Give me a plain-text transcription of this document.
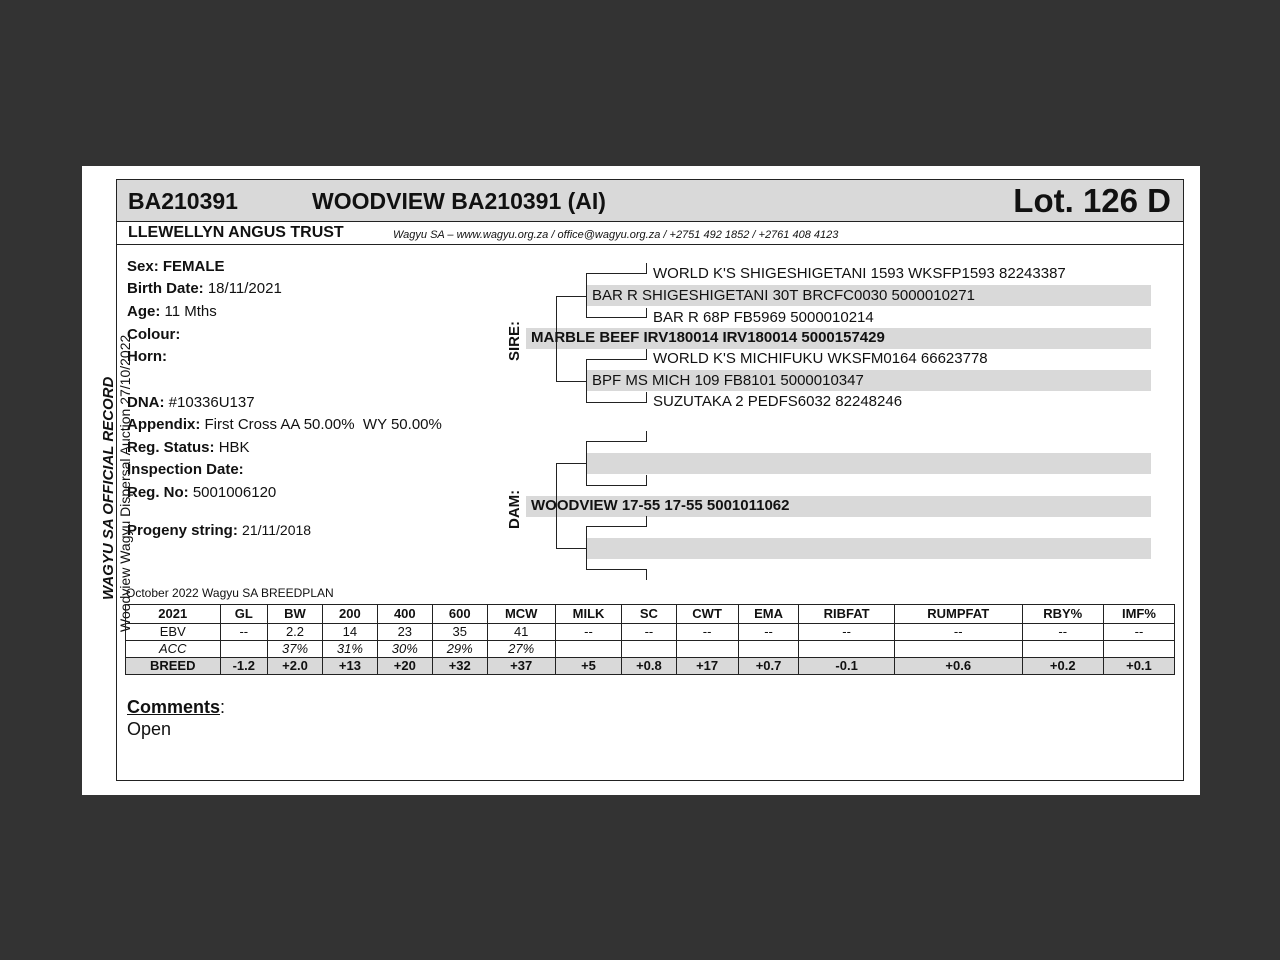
WAGYU SA OFFICIAL RECORD Woodview Wagyu Dispersal Auction 27/10/2022
BA210391	WOODVIEW BA210391 (AI)	Lot. 126 D
LLEWELLYN ANGUS TRUST	Wagyu SA – www.wagyu.org.za / office@wagyu.org.za / +2751 492 1852 / +2761 408 4123
Sex: FEMALE
Birth Date: 18/11/2021
Age: 11 Mths
Colour:
Horn:
DNA: #10336U137
Appendix: First Cross AA 50.00%  WY 50.00%
Reg. Status: HBK
Inspection Date:
Reg. No: 5001006120
Progeny string: 21/11/2018
SIRE:
DAM:
WORLD K'S SHIGESHIGETANI 1593 WKSFP1593 82243387
BAR R SHIGESHIGETANI 30T BRCFC0030 5000010271
BAR R 68P FB5969 5000010214
MARBLE BEEF IRV180014 IRV180014 5000157429
WORLD K'S MICHIFUKU WKSFM0164 66623778
BPF MS MICH 109 FB8101 5000010347
SUZUTAKA 2 PEDFS6032 82248246
WOODVIEW 17-55 17-55 5001011062
October 2022 Wagyu SA BREEDPLAN
2021	GL	BW	200	400	600	MCW	MILK	SC	CWT	EMA	RIBFAT	RUMPFAT	RBY%	IMF%
EBV	--	2.2	14	23	35	41	--	--	--	--	--	--	--	--
ACC		37%	31%	30%	29%	27%								
BREED	-1.2	+2.0	+13	+20	+32	+37	+5	+0.8	+17	+0.7	-0.1	+0.6	+0.2	+0.1
Comments:
Open
